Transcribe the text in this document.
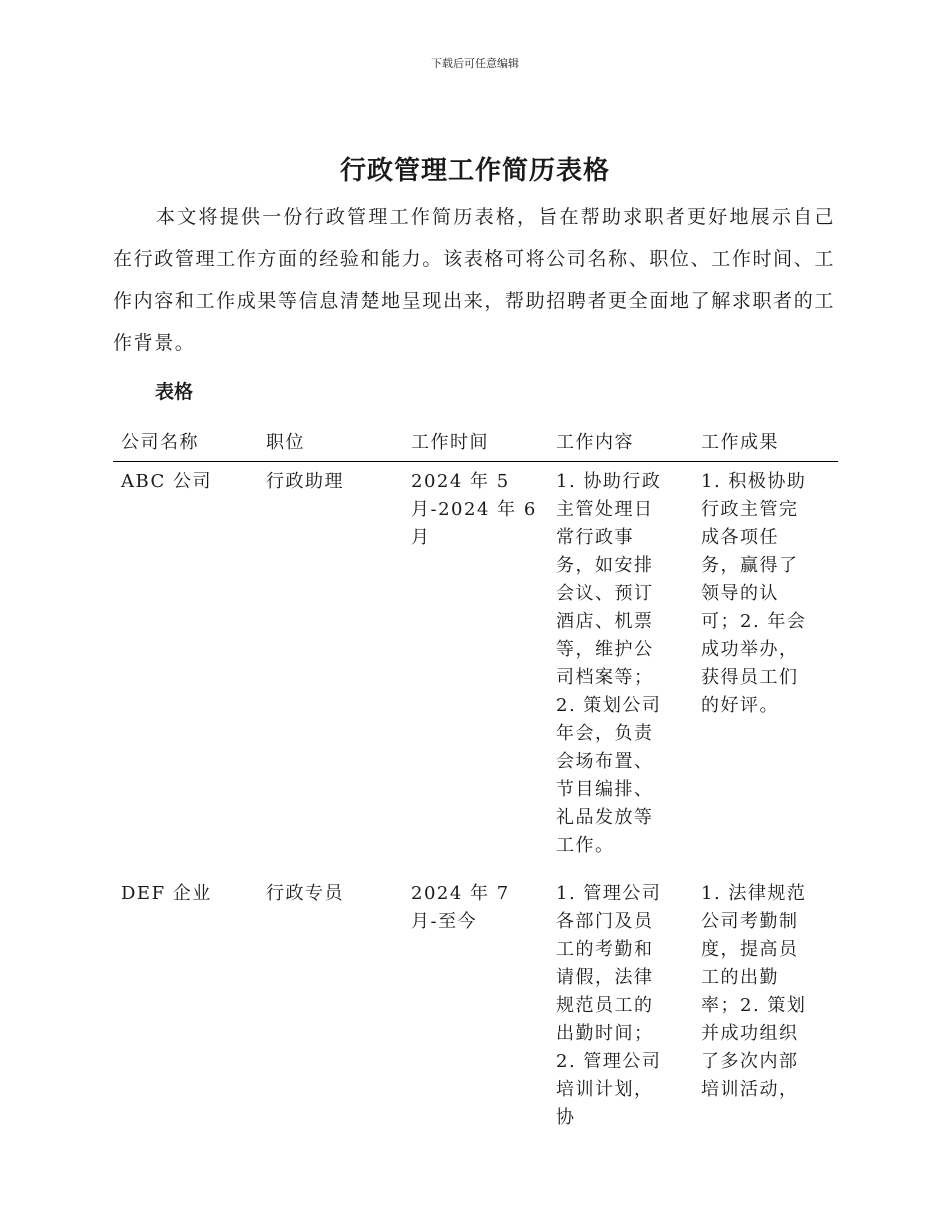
下载后可任意编辑
行政管理工作简历表格

本文将提供一份行政管理工作简历表格，旨在帮助求职者更好地展示自己在行政管理工作方面的经验和能力。该表格可将公司名称、职位、工作时间、工作内容和工作成果等信息清楚地呈现出来，帮助招聘者更全面地了解求职者的工作背景。

表格
公司名称	职位	工作时间	工作内容	工作成果
ABC 公司	行政助理	2024 年 5 月-2024 年 6 月	1. 协助行政主管处理日常行政事务，如安排会议、预订酒店、机票等，维护公司档案等；2. 策划公司年会，负责会场布置、节目编排、礼品发放等工作。	1. 积极协助行政主管完成各项任务，赢得了领导的认可；2. 年会成功举办，获得员工们的好评。
DEF 企业	行政专员	2024 年 7 月-至今	1. 管理公司各部门及员工的考勤和请假，法律规范员工的出勤时间；2. 管理公司培训计划，协	1. 法律规范公司考勤制度，提高员工的出勤率；2. 策划并成功组织了多次内部培训活动，
